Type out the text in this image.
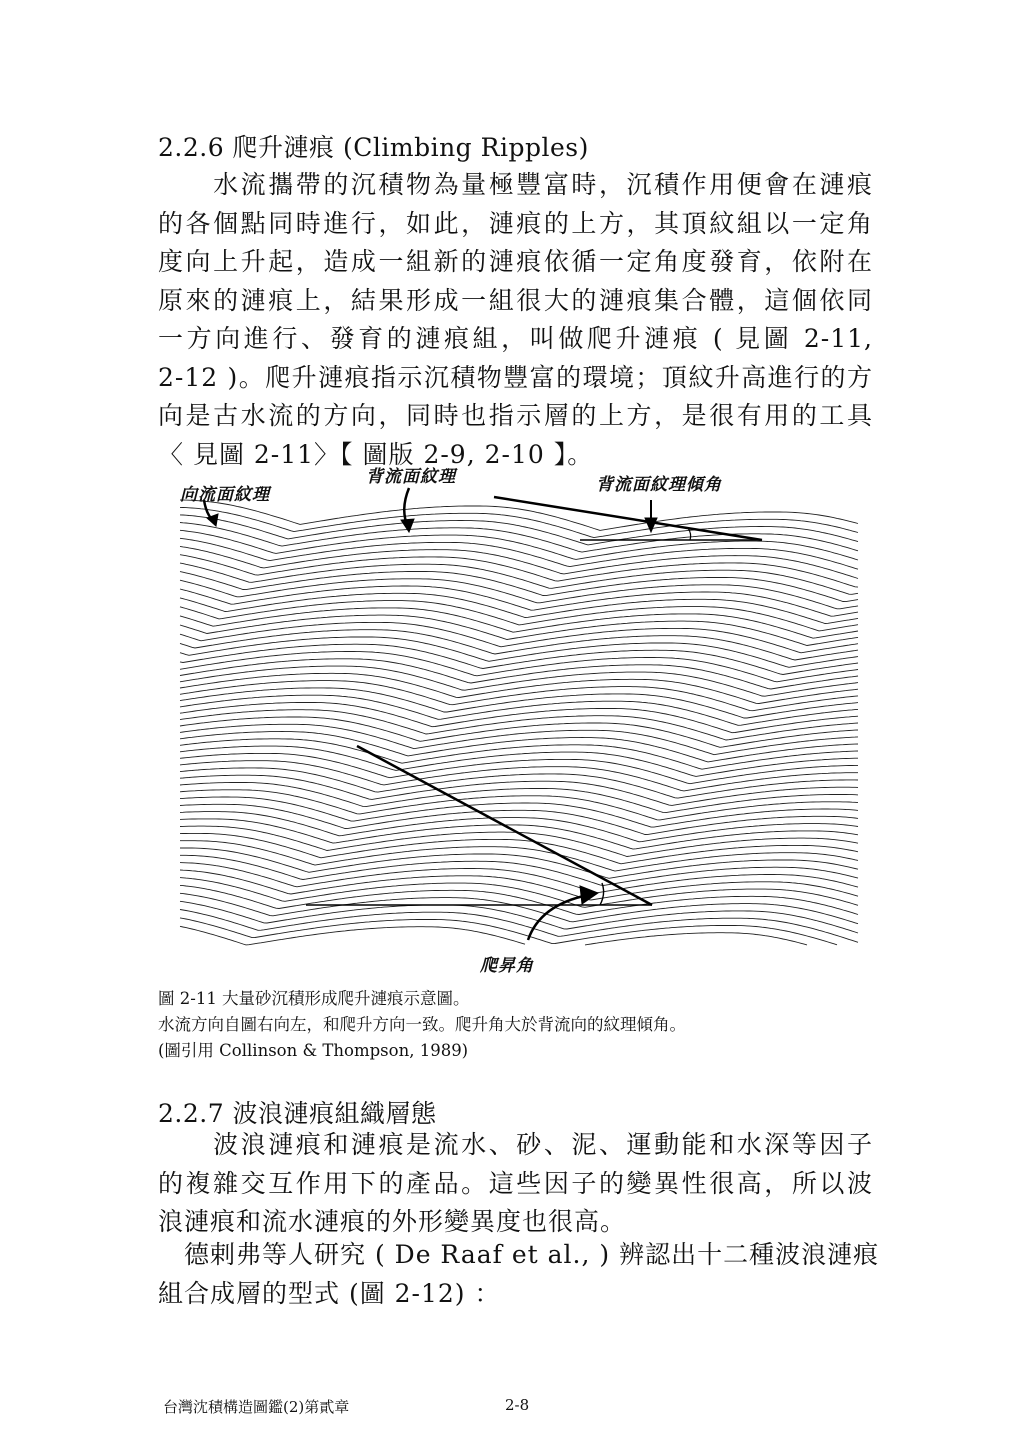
2.2.6 爬升漣痕 (Climbing Ripples)
　　水流攜帶的沉積物為量極豐富時，沉積作用便會在漣痕
的各個點同時進行，如此，漣痕的上方，其頂紋組以一定角
度向上升起，造成一組新的漣痕依循一定角度發育，依附在
原來的漣痕上，結果形成一組很大的漣痕集合體，這個依同
一方向進行、發育的漣痕組，叫做爬升漣痕 ( 見圖 2-11,
2-12 )。爬升漣痕指示沉積物豐富的環境；頂紋升高進行的方
向是古水流的方向，同時也指示層的上方，是很有用的工具
〈 見圖 2-11〉【 圖版 2-9, 2-10 】。
向流面紋理
背流面紋理	背流面紋理傾角
爬昇角
圖 2-11 大量砂沉積形成爬升漣痕示意圖。
水流方向自圖右向左，和爬升方向一致。爬升角大於背流向的紋理傾角。
(圖引用 Collinson & Thompson, 1989)
2.2.7 波浪漣痕組織層態
　　波浪漣痕和漣痕是流水、砂、泥、運動能和水深等因子
的複雜交互作用下的產品。這些因子的變異性很高，所以波
浪漣痕和流水漣痕的外形變異度也很高。
　德剌弗等人研究 ( De Raaf et al., ) 辨認出十二種波浪漣痕
組合成層的型式 (圖 2-12) ：
台灣沈積構造圖鑑(2)第貳章	2-8
